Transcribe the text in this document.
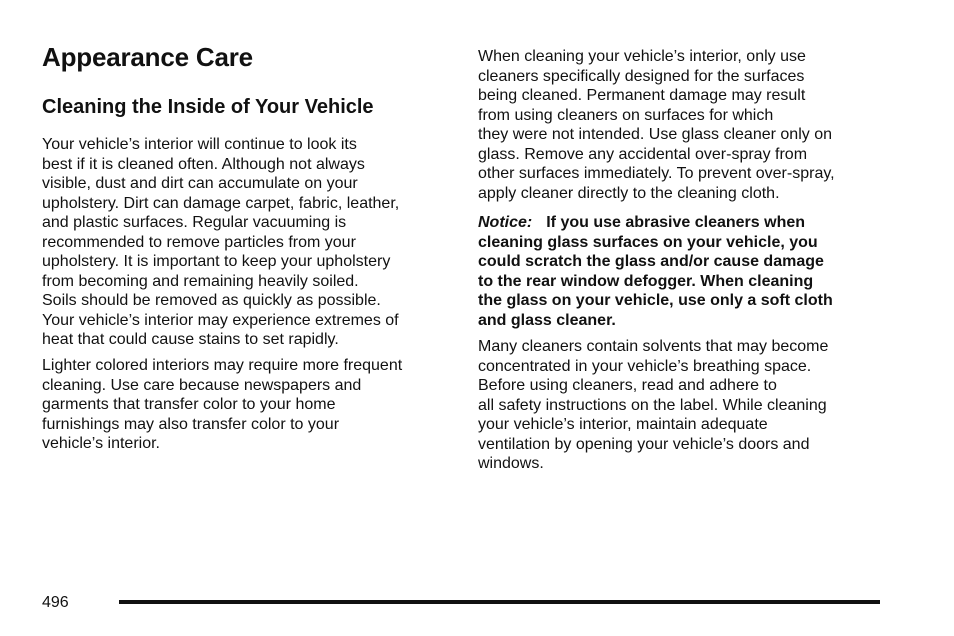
Appearance Care
Cleaning the Inside of Your Vehicle

Your vehicle’s interior will continue to look its
best if it is cleaned often. Although not always
visible, dust and dirt can accumulate on your
upholstery. Dirt can damage carpet, fabric, leather,
and plastic surfaces. Regular vacuuming is
recommended to remove particles from your
upholstery. It is important to keep your upholstery
from becoming and remaining heavily soiled.
Soils should be removed as quickly as possible.
Your vehicle’s interior may experience extremes of
heat that could cause stains to set rapidly.

Lighter colored interiors may require more frequent
cleaning. Use care because newspapers and
garments that transfer color to your home
furnishings may also transfer color to your
vehicle’s interior.

When cleaning your vehicle’s interior, only use
cleaners specifically designed for the surfaces
being cleaned. Permanent damage may result
from using cleaners on surfaces for which
they were not intended. Use glass cleaner only on
glass. Remove any accidental over-spray from
other surfaces immediately. To prevent over-spray,
apply cleaner directly to the cleaning cloth.

Notice: If you use abrasive cleaners when
cleaning glass surfaces on your vehicle, you
could scratch the glass and/or cause damage
to the rear window defogger. When cleaning
the glass on your vehicle, use only a soft cloth
and glass cleaner.

Many cleaners contain solvents that may become
concentrated in your vehicle’s breathing space.
Before using cleaners, read and adhere to
all safety instructions on the label. While cleaning
your vehicle’s interior, maintain adequate
ventilation by opening your vehicle’s doors and
windows.

496
